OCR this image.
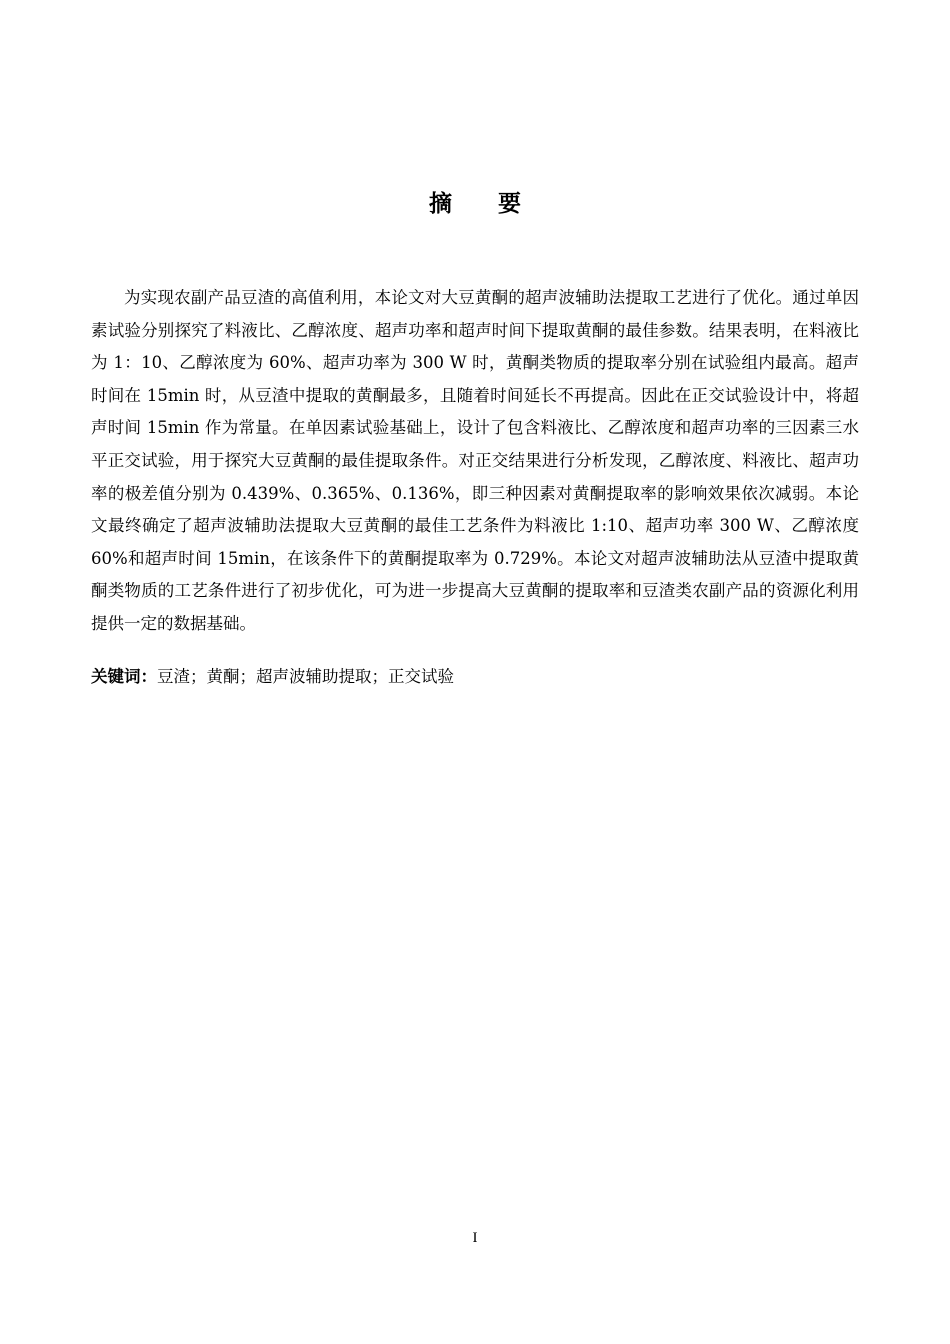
摘要

为实现农副产品豆渣的高值利用，本论文对大豆黄酮的超声波辅助法提取工艺进行了优化。通过单因素试验分别探究了料液比、乙醇浓度、超声功率和超声时间下提取黄酮的最佳参数。结果表明，在料液比为 1：10、乙醇浓度为 60%、超声功率为 300 W 时，黄酮类物质的提取率分别在试验组内最高。超声时间在 15min 时，从豆渣中提取的黄酮最多，且随着时间延长不再提高。因此在正交试验设计中，将超声时间 15min 作为常量。在单因素试验基础上，设计了包含料液比、乙醇浓度和超声功率的三因素三水平正交试验，用于探究大豆黄酮的最佳提取条件。对正交结果进行分析发现，乙醇浓度、料液比、超声功率的极差值分别为 0.439%、0.365%、0.136%，即三种因素对黄酮提取率的影响效果依次减弱。本论文最终确定了超声波辅助法提取大豆黄酮的最佳工艺条件为料液比 1:10、超声功率 300 W、乙醇浓度 60%和超声时间 15min，在该条件下的黄酮提取率为 0.729%。本论文对超声波辅助法从豆渣中提取黄酮类物质的工艺条件进行了初步优化，可为进一步提高大豆黄酮的提取率和豆渣类农副产品的资源化利用提供一定的数据基础。

关键词：豆渣；黄酮；超声波辅助提取；正交试验
I
